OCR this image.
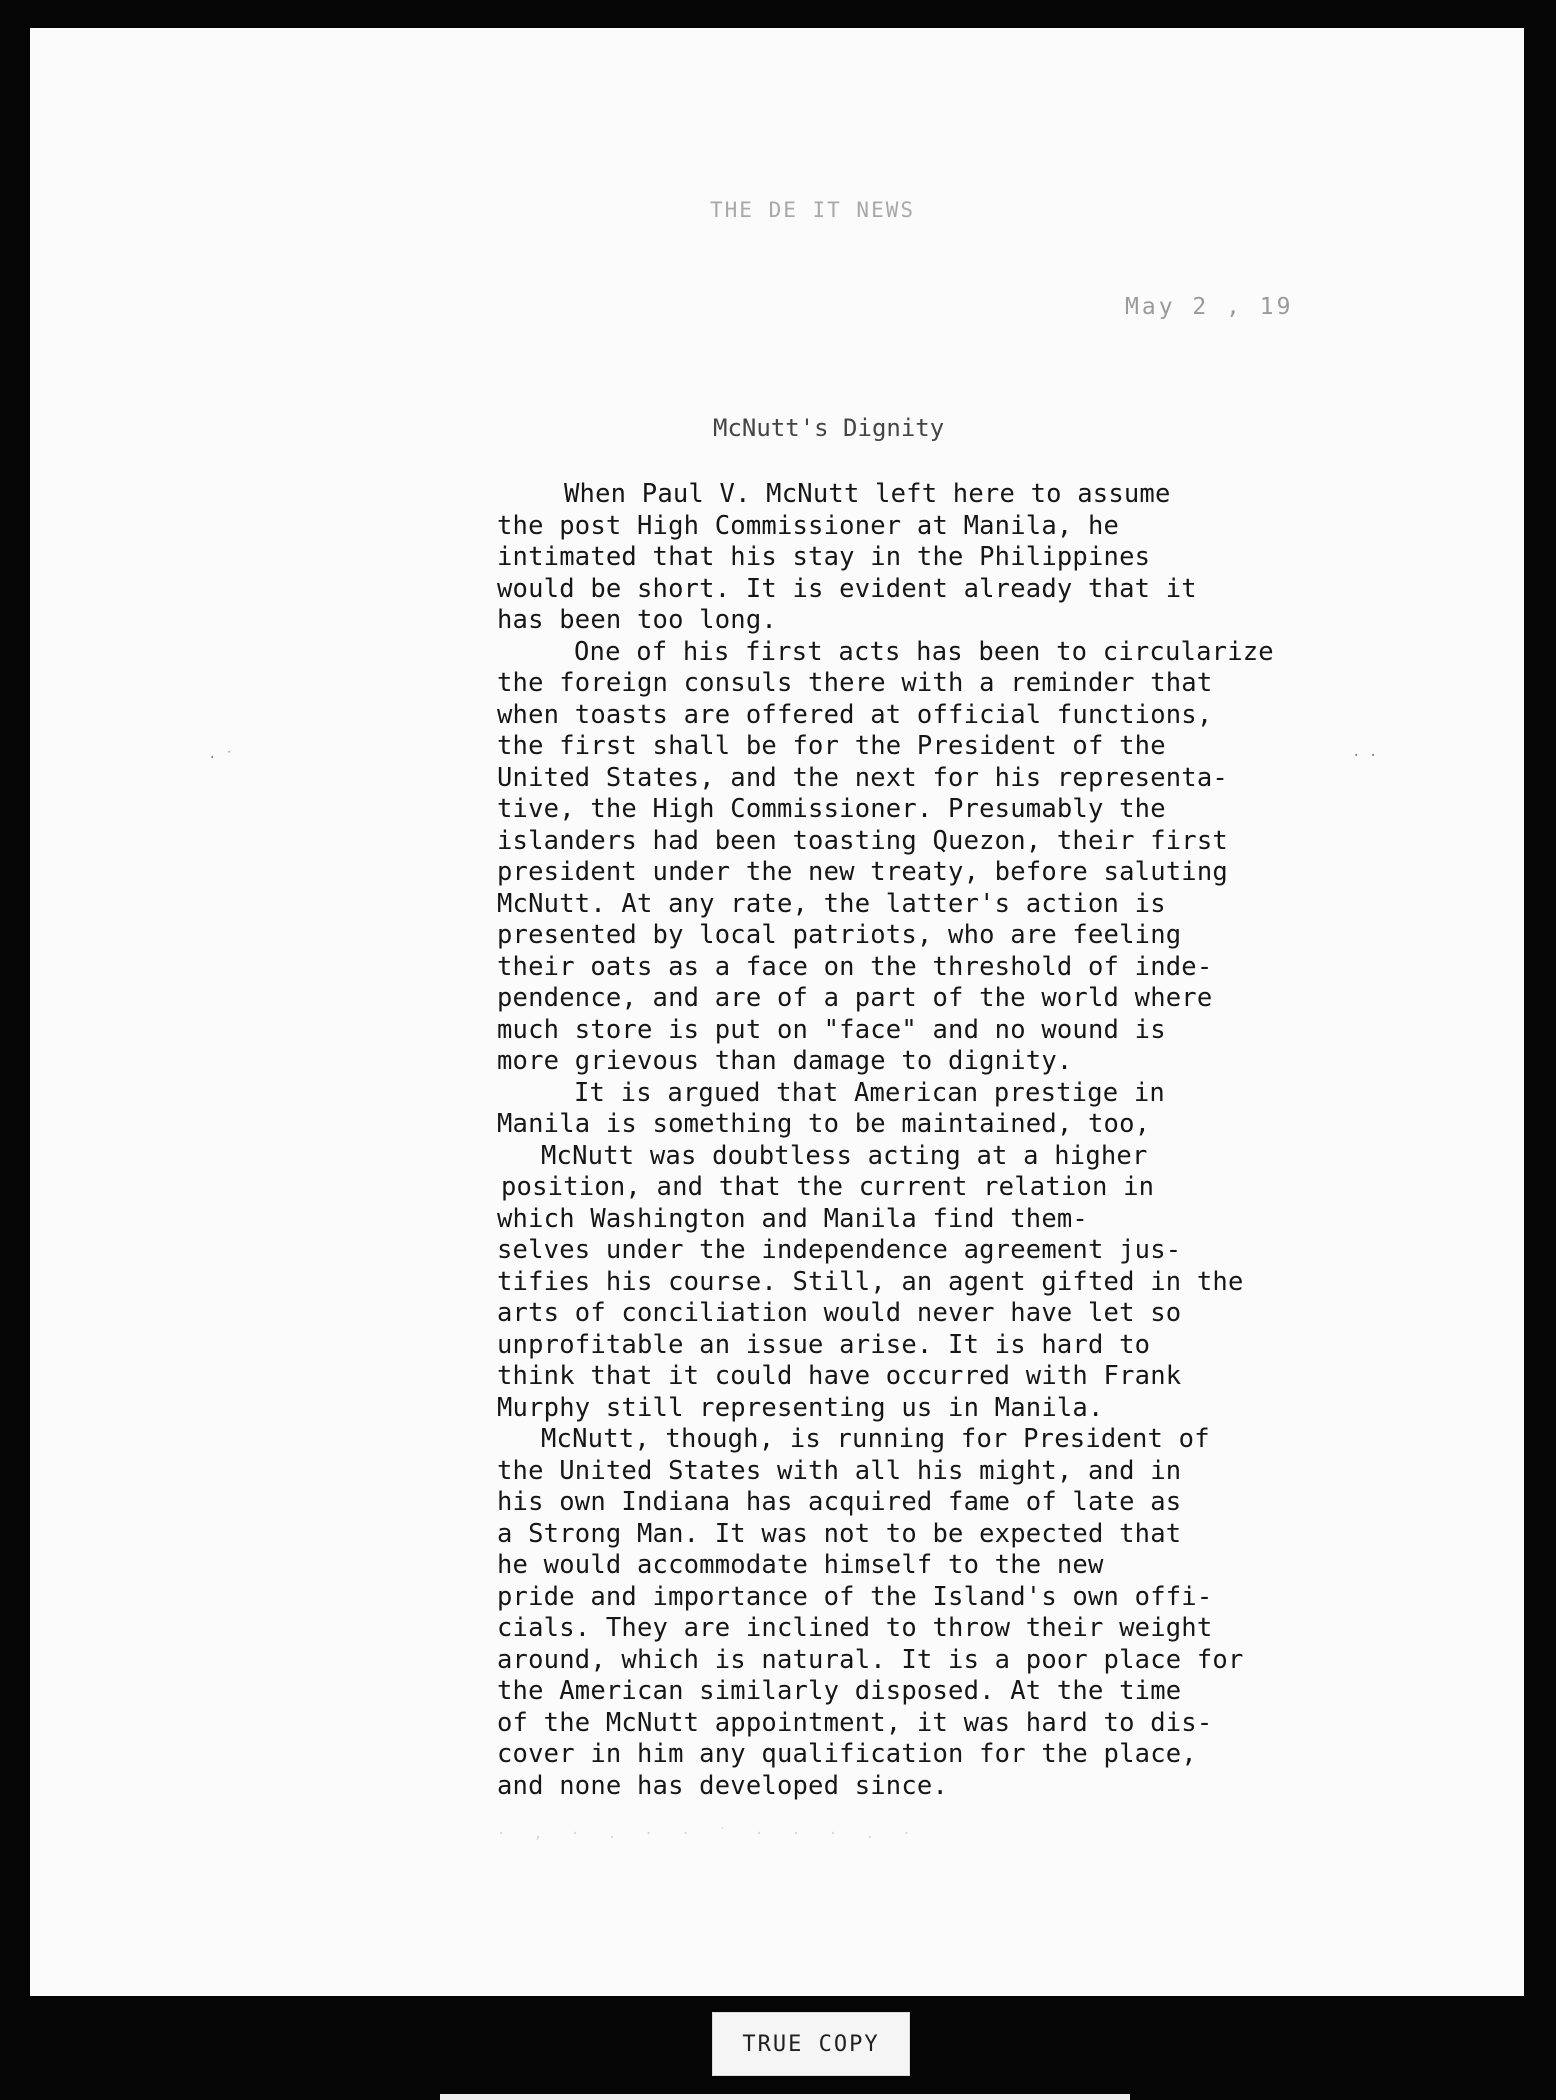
THE DE IT NEWS
May 2 , 19
McNutt's Dignity
When Paul V. McNutt left here to assume
the post High Commissioner at Manila, he
intimated that his stay in the Philippines
would be short. It is evident already that it
has been too long.
One of his first acts has been to circularize
the foreign consuls there with a reminder that
when toasts are offered at official functions,
the first shall be for the President of the
United States, and the next for his representa-
tive, the High Commissioner. Presumably the
islanders had been toasting Quezon, their first
president under the new treaty, before saluting
McNutt. At any rate, the latter's action is
presented by local patriots, who are feeling
their oats as a face on the threshold of inde-
pendence, and are of a part of the world where
much store is put on "face" and no wound is
more grievous than damage to dignity.
It is argued that American prestige in
Manila is something to be maintained, too,
McNutt was doubtless acting at a higher
position, and that the current relation in
which Washington and Manila find them-
selves under the independence agreement jus-
tifies his course. Still, an agent gifted in the
arts of conciliation would never have let so
unprofitable an issue arise. It is hard to
think that it could have occurred with Frank
Murphy still representing us in Manila.
McNutt, though, is running for President of
the United States with all his might, and in
his own Indiana has acquired fame of late as
a Strong Man. It was not to be expected that
he would accommodate himself to the new
pride and importance of the Island's own offi-
cials. They are inclined to throw their weight
around, which is natural. It is a poor place for
the American similarly disposed. At the time
of the McNutt appointment, it was hard to dis-
cover in him any qualification for the place,
and none has developed since.
· ˙	· ·
· , · . · · ˙ · · · . ·
TRUE COPY
